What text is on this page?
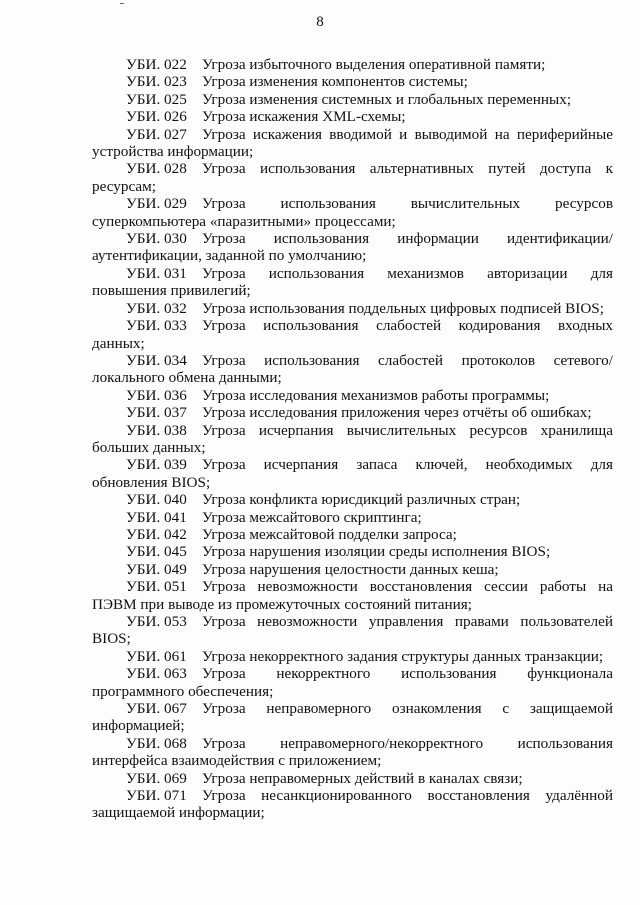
8

УБИ. 022 Угроза избыточного выделения оперативной памяти;

УБИ. 023 Угроза изменения компонентов системы;

УБИ. 025 Угроза изменения системных и глобальных переменных;

УБИ. 026 Угроза искажения XML-схемы;

УБИ. 027 Угроза искажения вводимой и выводимой на периферийные устройства информации;

УБИ. 028 Угроза использования альтернативных путей доступа к ресурсам;

УБИ. 029 Угроза использования вычислительных ресурсов суперкомпьютера «паразитными» процессами;

УБИ. 030 Угроза использования информации идентификации/аутентификации, заданной по умолчанию;

УБИ. 031 Угроза использования механизмов авторизации для повышения привилегий;

УБИ. 032 Угроза использования поддельных цифровых подписей BIOS;

УБИ. 033 Угроза использования слабостей кодирования входных данных;

УБИ. 034 Угроза использования слабостей протоколов сетевого/локального обмена данными;

УБИ. 036 Угроза исследования механизмов работы программы;

УБИ. 037 Угроза исследования приложения через отчёты об ошибках;

УБИ. 038 Угроза исчерпания вычислительных ресурсов хранилища больших данных;

УБИ. 039 Угроза исчерпания запаса ключей, необходимых для обновления BIOS;

УБИ. 040 Угроза конфликта юрисдикций различных стран;

УБИ. 041 Угроза межсайтового скриптинга;

УБИ. 042 Угроза межсайтовой подделки запроса;

УБИ. 045 Угроза нарушения изоляции среды исполнения BIOS;

УБИ. 049 Угроза нарушения целостности данных кеша;

УБИ. 051 Угроза невозможности восстановления сессии работы на ПЭВМ при выводе из промежуточных состояний питания;

УБИ. 053 Угроза невозможности управления правами пользователей BIOS;

УБИ. 061 Угроза некорректного задания структуры данных транзакции;

УБИ. 063 Угроза некорректного использования функционала программного обеспечения;

УБИ. 067 Угроза неправомерного ознакомления с защищаемой информацией;

УБИ. 068 Угроза неправомерного/некорректного использования интерфейса взаимодействия с приложением;

УБИ. 069 Угроза неправомерных действий в каналах связи;

УБИ. 071 Угроза несанкционированного восстановления удалённой защищаемой информации;
